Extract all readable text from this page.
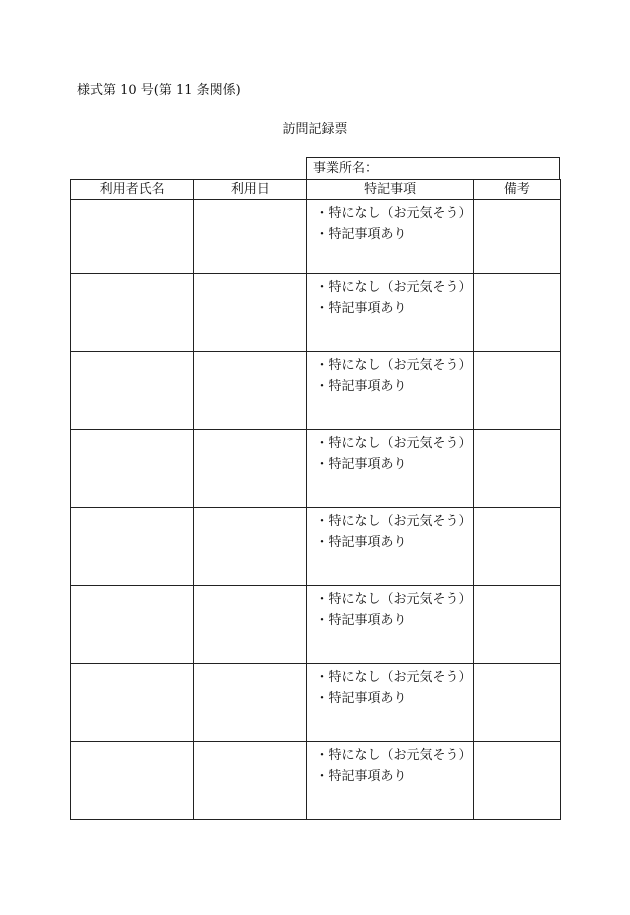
様式第 10 号(第 11 条関係)
訪問記録票
事業所名：
利用者氏名	利用日	特記事項	備考

		・特になし（お元気そう）
・特記事項あり	

		・特になし（お元気そう）
・特記事項あり	

		・特になし（お元気そう）
・特記事項あり	

		・特になし（お元気そう）
・特記事項あり	

		・特になし（お元気そう）
・特記事項あり	

		・特になし（お元気そう）
・特記事項あり	

		・特になし（お元気そう）
・特記事項あり	

		・特になし（お元気そう）
・特記事項あり	
